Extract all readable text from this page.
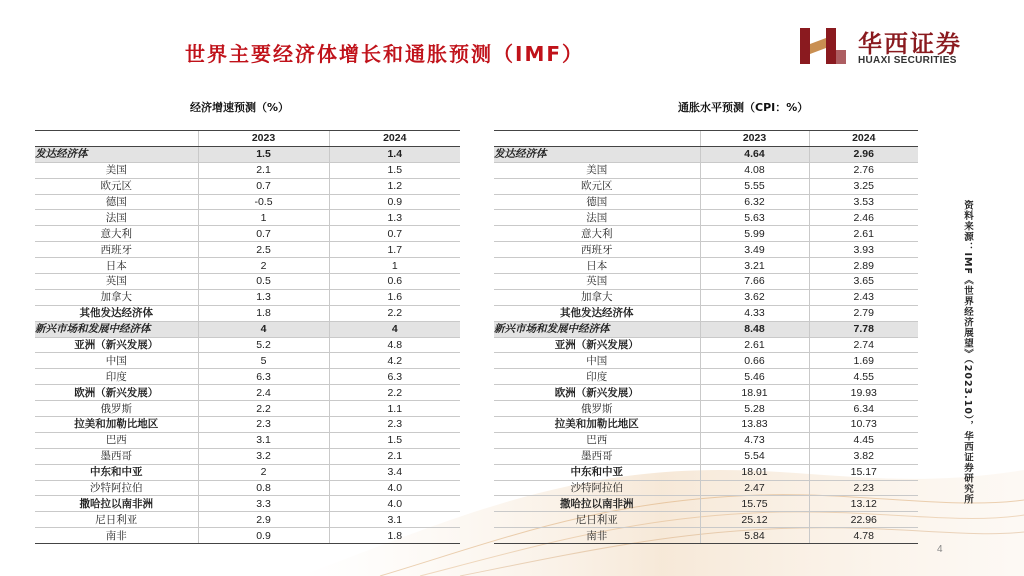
世界主要经济体增长和通胀预测（IMF）	华西证券
HUAXI SECURITIES
经济增速预测（%）	通胀水平预测（CPI：%）
	2023	2024
发达经济体	1.5	1.4
美国	2.1	1.5
欧元区	0.7	1.2
德国	-0.5	0.9
法国	1	1.3
意大利	0.7	0.7
西班牙	2.5	1.7
日本	2	1
英国	0.5	0.6
加拿大	1.3	1.6
其他发达经济体	1.8	2.2
新兴市场和发展中经济体	4	4
亚洲（新兴发展）	5.2	4.8
中国	5	4.2
印度	6.3	6.3
欧洲（新兴发展）	2.4	2.2
俄罗斯	2.2	1.1
拉美和加勒比地区	2.3	2.3
巴西	3.1	1.5
墨西哥	3.2	2.1
中东和中亚	2	3.4
沙特阿拉伯	0.8	4.0
撒哈拉以南非洲	3.3	4.0
尼日利亚	2.9	3.1
南非	0.9	1.8
	2023	2024
发达经济体	4.64	2.96
美国	4.08	2.76
欧元区	5.55	3.25
德国	6.32	3.53
法国	5.63	2.46
意大利	5.99	2.61
西班牙	3.49	3.93
日本	3.21	2.89
英国	7.66	3.65
加拿大	3.62	2.43
其他发达经济体	4.33	2.79
新兴市场和发展中经济体	8.48	7.78
亚洲（新兴发展）	2.61	2.74
中国	0.66	1.69
印度	5.46	4.55
欧洲（新兴发展）	18.91	19.93
俄罗斯	5.28	6.34
拉美和加勒比地区	13.83	10.73
巴西	4.73	4.45
墨西哥	5.54	3.82
中东和中亚	18.01	15.17
沙特阿拉伯	2.47	2.23
撒哈拉以南非洲	15.75	13.12
尼日利亚	25.12	22.96
南非	5.84	4.78
资料来源：IMF《世界经济展望》（2023.10），华西证券研究所
4
